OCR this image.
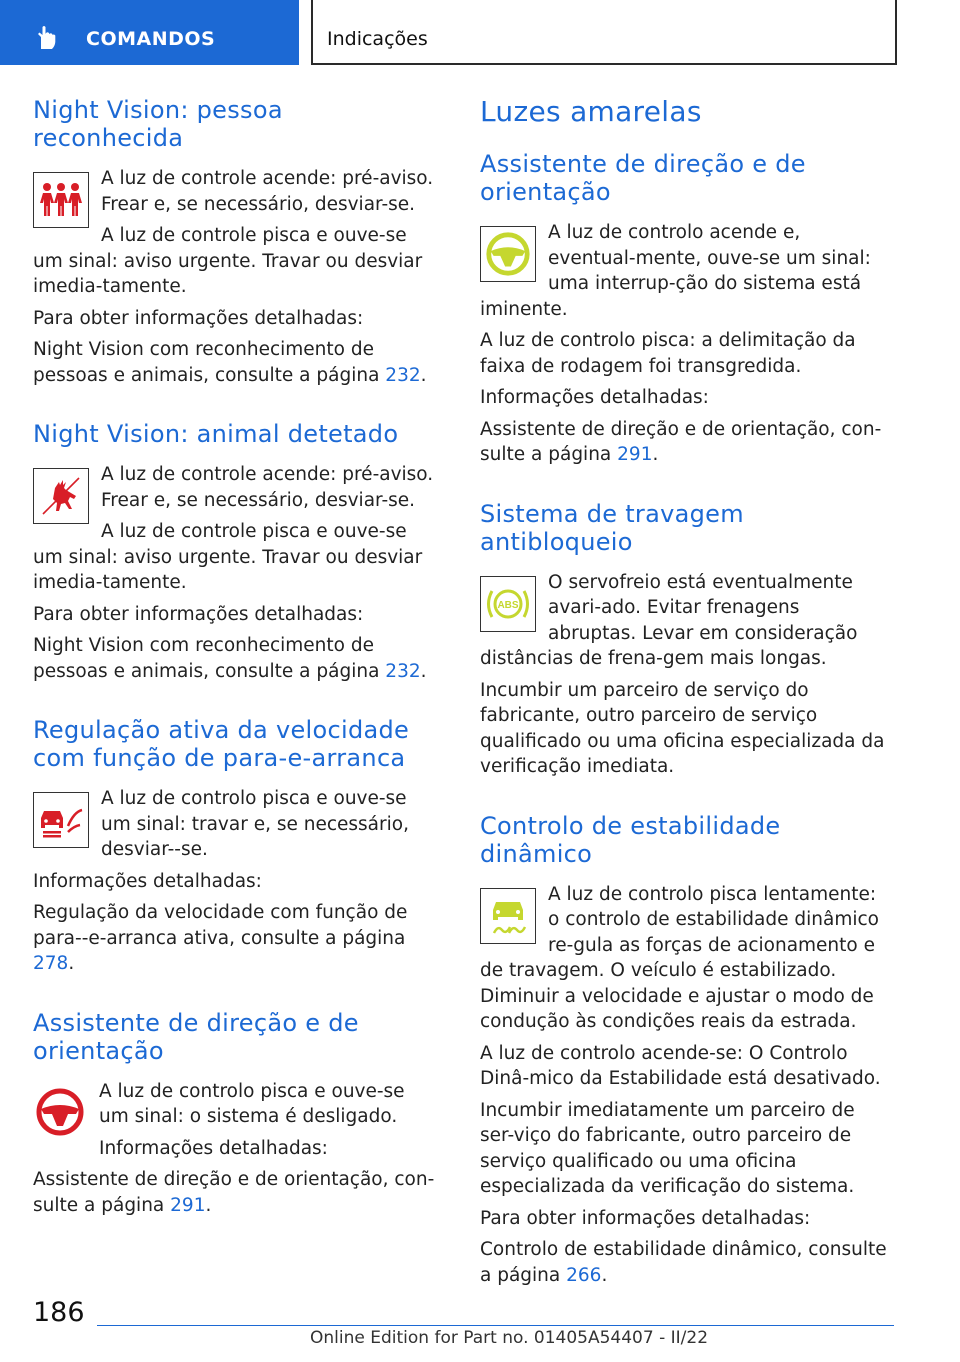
COMANDOS	Indicações
Night Vision: pessoa reconhecida

A luz de controle acende: pré-aviso. Frear e, se necessário, desviar-se.

A luz de controle pisca e ouve-se um sinal: aviso urgente. Travar ou desviar imedia-tamente.

Para obter informações detalhadas:

Night Vision com reconhecimento de pessoas e animais, consulte a página 232.

Night Vision: animal detetado

A luz de controle acende: pré-aviso. Frear e, se necessário, desviar-se.

A luz de controle pisca e ouve-se um sinal: aviso urgente. Travar ou desviar imedia-tamente.

Para obter informações detalhadas:

Night Vision com reconhecimento de pessoas e animais, consulte a página 232.

Regulação ativa da velocidade com função de para-e-arranca

A luz de controlo pisca e ouve-se um sinal: travar e, se necessário, desviar--se.

Informações detalhadas:

Regulação da velocidade com função de para--e-arranca ativa, consulte a página 278.

Assistente de direção e de orientação

A luz de controlo pisca e ouve-se um sinal: o sistema é desligado.

Informações detalhadas:

Assistente de direção e de orientação, con-sulte a página 291.

Luzes amarelas
Assistente de direção e de orientação

A luz de controlo acende e, eventual-mente, ouve-se um sinal: uma interrup-ção do sistema está iminente.

A luz de controlo pisca: a delimitação da faixa de rodagem foi transgredida.

Informações detalhadas:

Assistente de direção e de orientação, con-sulte a página 291.

Sistema de travagem antibloqueio
ABS

O servofreio está eventualmente avari-ado. Evitar frenagens abruptas. Levar em consideração distâncias de frena-gem mais longas.

Incumbir um parceiro de serviço do fabricante, outro parceiro de serviço qualificado ou uma oficina especializada da verificação imediata.

Controlo de estabilidade dinâmico

A luz de controlo pisca lentamente: o controlo de estabilidade dinâmico re-gula as forças de acionamento e de travagem. O veículo é estabilizado. Diminuir a velocidade e ajustar o modo de condução às condições reais da estrada.

A luz de controlo acende-se: O Controlo Dinâ-mico da Estabilidade está desativado.

Incumbir imediatamente um parceiro de ser-viço do fabricante, outro parceiro de serviço qualificado ou uma oficina especializada da verificação do sistema.

Para obter informações detalhadas:

Controlo de estabilidade dinâmico, consulte a página 266.

186
Online Edition for Part no. 01405A54407 - II/22
